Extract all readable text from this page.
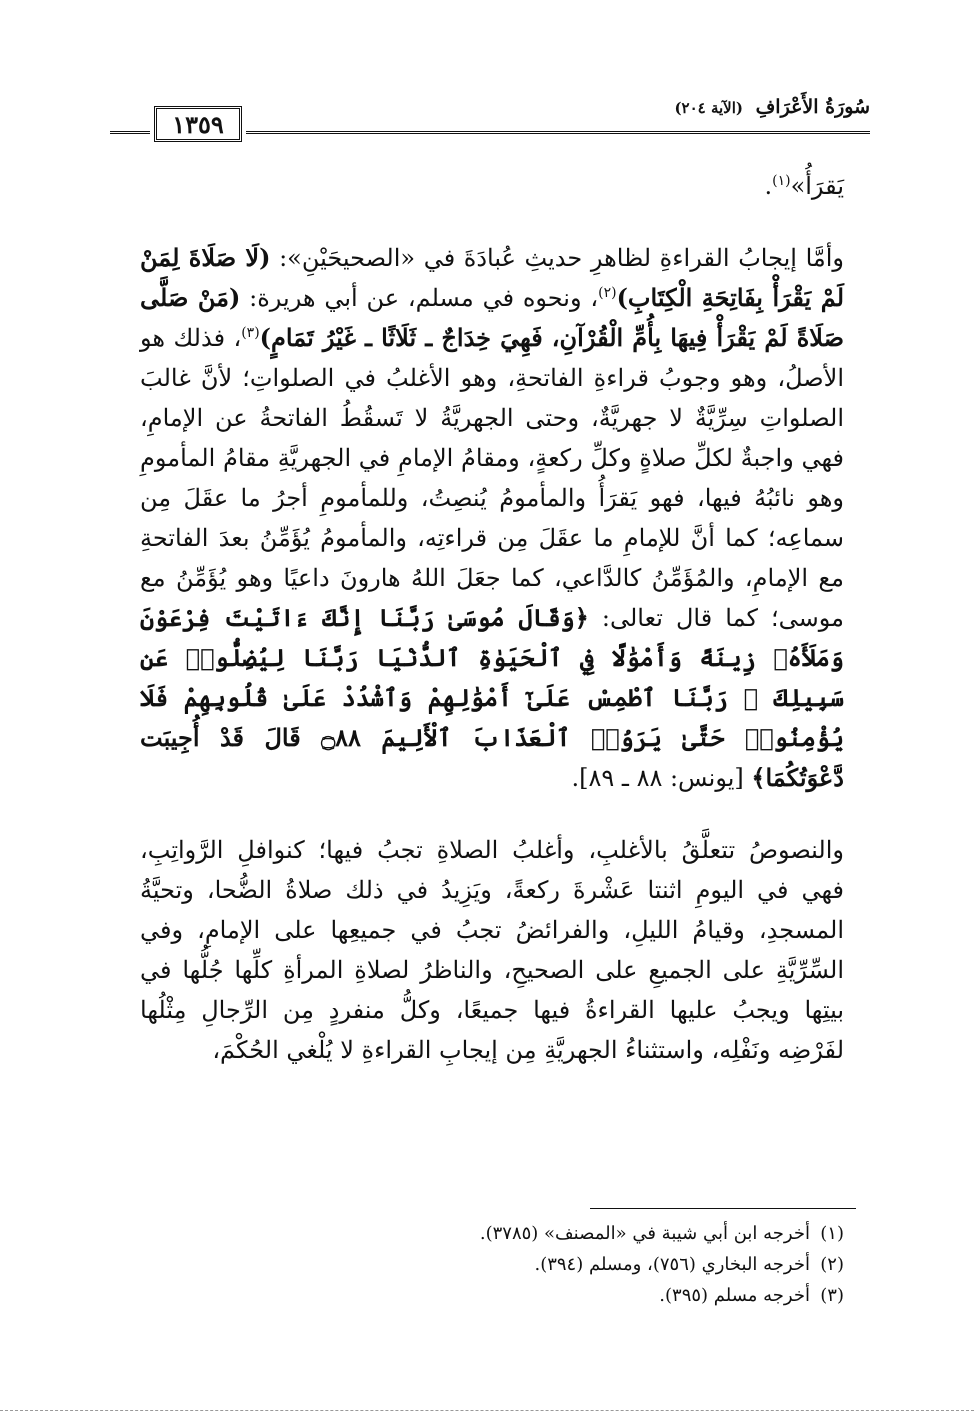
١٣٥٩
سُورَةُ الأَعْرَافِ (الآية ٢٠٤)

يَقرَأُ»$^{(١)}$.

وأمَّا إيجابُ القراءةِ لظاهرِ حديثِ عُبادَةَ في «الصحيحَيْنِ»: (لَا صَلَاةَ لِمَنْ لَمْ يَقْرَأْ بِفَاتِحَةِ الْكِتَابِ)$^{(٢)}$، ونحوه في مسلم، عن أبي هريرة: (مَنْ صَلَّى صَلَاةً لَمْ يَقْرَأْ فِيهَا بِأُمِّ الْقُرْآنِ، فَهِيَ خِدَاجٌ ـ ثَلَاثًا ـ غَيْرُ تَمَامٍ)$^{(٣)}$، فذلك هو الأصلُ، وهو وجوبُ قراءةِ الفاتحةِ، وهو الأغلبُ في الصلواتِ؛ لأنَّ غالبَ الصلواتِ سِرِّيَّةٌ لا جهريَّةٌ، وحتى الجهريَّةُ لا تَسقُطُ الفاتحةُ عن الإمامِ، فهي واجبةٌ لكلِّ صلاةٍ وكلِّ ركعةٍ، ومقامُ الإمامِ في الجهريَّةِ مقامُ المأمومِ وهو نائبُهُ فيها، فهو يَقرَأُ والمأمومُ يُنصِتُ، وللمأمومِ أجرُ ما عقَلَ مِن سماعِه؛ كما أنَّ للإمامِ ما عقَلَ مِن قراءتِه، والمأمومُ يُؤَمِّنُ بعدَ الفاتحةِ مع الإمامِ، والمُؤَمِّنُ كالدَّاعي، كما جعَلَ اللهُ هارونَ داعيًا وهو يُؤَمِّنُ مع موسى؛ كما قال تعالى: ﴿وَقَالَ مُوسَىٰ رَبَّنَا إِنَّكَ ءَاتَيْتَ فِرْعَوْنَ وَمَلَأَهُۥ زِينَةً وَأَمْوَٰلًا فِي ٱلْحَيَوٰةِ ٱلدُّنْيَا رَبَّنَا لِيُضِلُّوا۟ عَن سَبِيلِكَ ۖ رَبَّنَا ٱطْمِسْ عَلَىٰٓ أَمْوَٰلِهِمْ وَٱشْدُدْ عَلَىٰ قُلُوبِهِمْ فَلَا يُؤْمِنُوا۟ حَتَّىٰ يَرَوُا۟ ٱلْعَذَابَ ٱلْأَلِيمَ ۝٨٨ قَالَ قَدْ أُجِيبَت دَّعْوَتُكُمَا﴾ [يونس: ٨٨ ـ ٨٩].

والنصوصُ تتعلَّقُ بالأغلبِ، وأغلبُ الصلاةِ تجبُ فيها؛ كنوافلِ الرَّواتِبِ، فهي في اليومِ اثنتا عَشْرةَ ركعةً، ويَزِيدُ في ذلك صلاةُ الضُّحا، وتحيَّةُ المسجدِ، وقيامُ الليلِ، والفرائضُ تجبُ في جميعِها على الإمامِ، وفي السِّرِّيَّةِ على الجميعِ على الصحيحِ، والناظرُ لصلاةِ المرأةِ كلِّها جُلُّها في بيتِها ويجبُ عليها القراءةُ فيها جميعًا، وكلُّ منفردٍ مِن الرِّجالِ مِثْلُها لفَرْضِه ونَفْلِه، واستثناءُ الجهريَّةِ مِن إيجابِ القراءةِ لا يُلْغي الحُكْمَ،

(١)أخرجه ابن أبي شيبة في «المصنف» (٣٧٨٥).
(٢)أخرجه البخاري (٧٥٦)، ومسلم (٣٩٤).
(٣)أخرجه مسلم (٣٩٥).
